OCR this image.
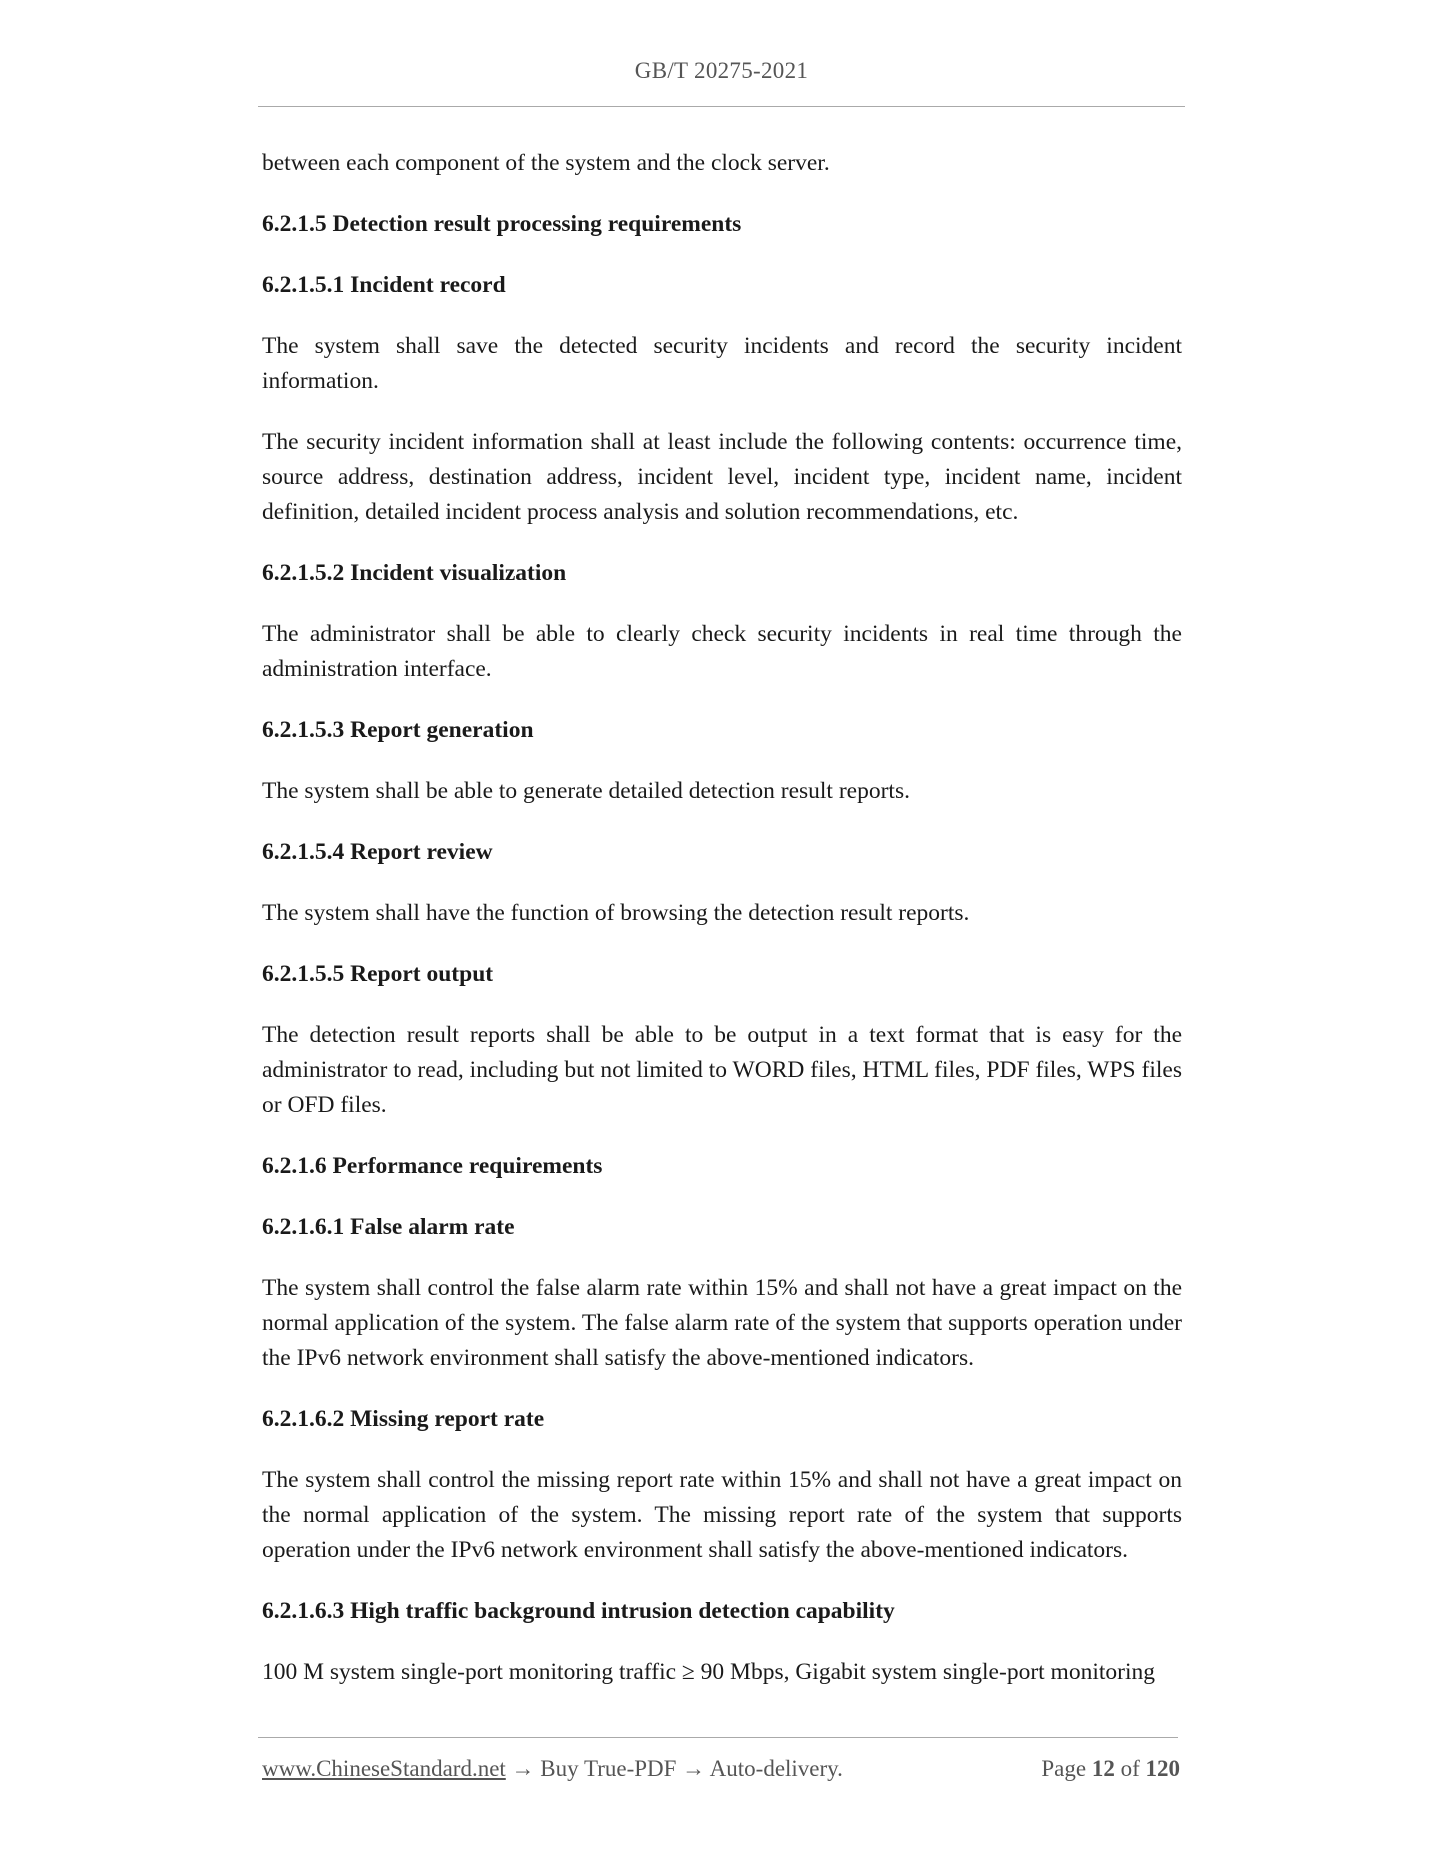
GB/T 20275-2021

between each component of the system and the clock server.

6.2.1.5 Detection result processing requirements

6.2.1.5.1 Incident record

The system shall save the detected security incidents and record the security incident information.

The security incident information shall at least include the following contents: occurrence time, source address, destination address, incident level, incident type, incident name, incident definition, detailed incident process analysis and solution recommendations, etc.

6.2.1.5.2 Incident visualization

The administrator shall be able to clearly check security incidents in real time through the administration interface.

6.2.1.5.3 Report generation

The system shall be able to generate detailed detection result reports.

6.2.1.5.4 Report review

The system shall have the function of browsing the detection result reports.

6.2.1.5.5 Report output

The detection result reports shall be able to be output in a text format that is easy for the administrator to read, including but not limited to WORD files, HTML files, PDF files, WPS files or OFD files.

6.2.1.6 Performance requirements

6.2.1.6.1 False alarm rate

The system shall control the false alarm rate within 15% and shall not have a great impact on the normal application of the system. The false alarm rate of the system that supports operation under the IPv6 network environment shall satisfy the above-mentioned indicators.

6.2.1.6.2 Missing report rate

The system shall control the missing report rate within 15% and shall not have a great impact on the normal application of the system. The missing report rate of the system that supports operation under the IPv6 network environment shall satisfy the above-mentioned indicators.

6.2.1.6.3 High traffic background intrusion detection capability

100 M system single-port monitoring traffic ≥ 90 Mbps, Gigabit system single-port monitoring

www.ChineseStandard.net → Buy True-PDF → Auto-delivery.	Page 12 of 120
